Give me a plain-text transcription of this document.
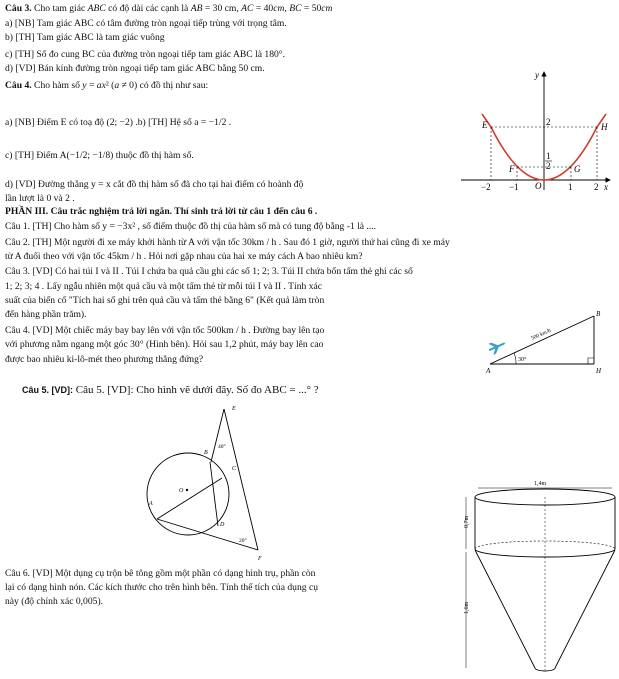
Câu 3. Cho tam giác ABC có độ dài các cạnh là AB = 30 cm, AC = 40cm, BC = 50cm
a) [NB] Tam giác ABC có tâm đường tròn ngoại tiếp trùng với trọng tâm.
b) [TH] Tam giác ABC là tam giác vuông
c) [TH] Số đo cung BC của đường tròn ngoại tiếp tam giác ABC là 180°.
d) [VD] Bán kính đường tròn ngoại tiếp tam giác ABC bằng 50 cm.
Câu 4. Cho hàm số y = ax² (a ≠ 0) có đồ thị như sau:
a) [NB] Điểm E có toạ độ (2; −2) .b) [TH] Hệ số a = −1/2 .
c) [TH] Điểm A(−1/2; −1/8) thuộc đồ thị hàm số.
d) [VD] Đường thẳng y = x cắt đồ thị hàm số đã cho tại hai điểm có hoành độ
lần lượt là 0 và 2 .
PHẦN III. Câu trắc nghiệm trả lời ngắn. Thí sinh trả lời từ câu 1 đến câu 6 .
Câu 1. [TH] Cho hàm số y = −3x² , số điểm thuộc đồ thị của hàm số mà có tung độ bằng -1 là ....
Câu 2. [TH] Một người đi xe máy khởi hành từ A với vận tốc 30km / h . Sau đó 1 giờ, người thứ hai cũng đi xe máy
từ A đuổi theo với vận tốc 45km / h . Hỏi nơi gặp nhau của hai xe máy cách A bao nhiêu km?
Câu 3. [VD] Có hai túi I và II . Túi I chứa ba quả cầu ghi các số 1; 2; 3. Túi II chứa bốn tấm thẻ ghi các số
1; 2; 3; 4 . Lấy ngẫu nhiên một quả cầu và một tấm thẻ từ mỗi túi I và II . Tính xác
suất của biến cố "Tích hai số ghi trên quả cầu và tấm thẻ bằng 6" (Kết quả làm tròn
đến hàng phần trăm).
Câu 4. [VD] Một chiếc máy bay bay lên với vận tốc 500km / h . Đường bay lên tạo
với phương nằm ngang một góc 30° (Hình bên). Hỏi sau 1,2 phút, máy bay lên cao
được bao nhiêu ki-lô-mét theo phương thẳng đứng?
Câu 5. [VD]: Câu 5. [VD]: Cho hình vẽ dưới đây. Số đo ABC = ...° ?
Câu 6. [VD] Một dụng cụ trộn bê tông gồm một phần có dạng hình trụ, phần còn
lại có dạng hình nón. Các kích thước cho trên hình bên. Tính thể tích của dụng cụ
này (độ chính xác 0,005).
y
x
E	H
F	G
O
2
1
2
−2 −1	1 2
A
B
H
500 km/h
30°
E
B
C
A
D
F
O
40°
20°
1,4m
0,7m
1,6m
